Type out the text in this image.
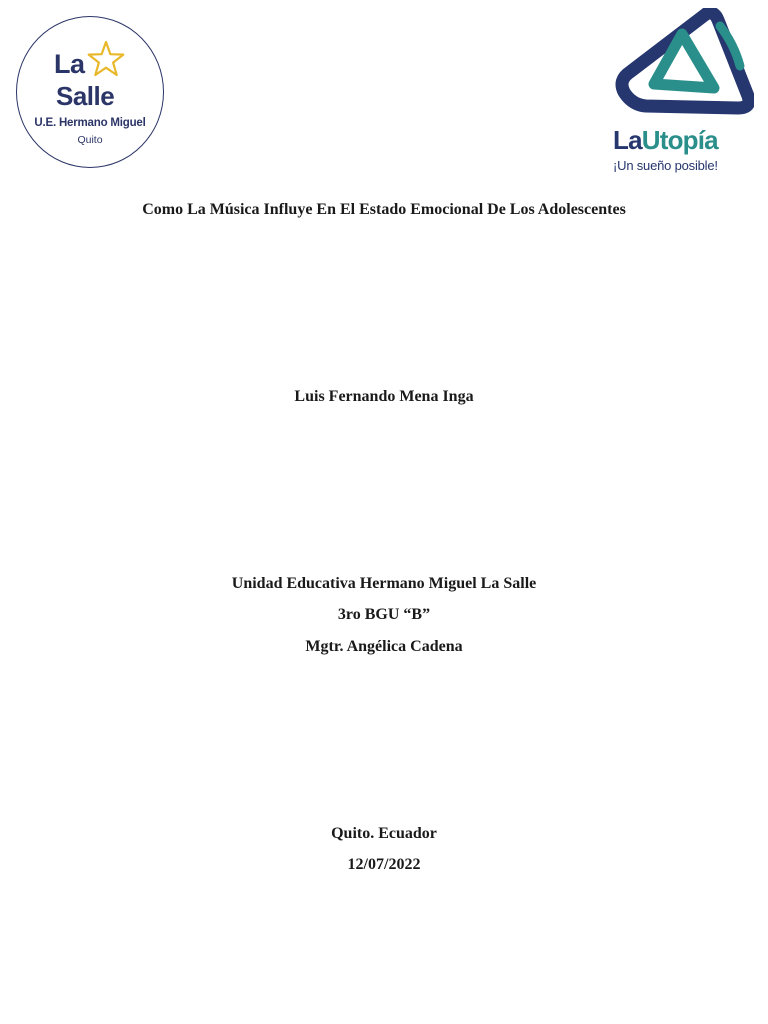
La
Salle
U.E. Hermano Miguel
Quito	LaUtopía
¡Un sueño posible!
Como La Música Influye En El Estado Emocional De Los Adolescentes
Luis Fernando Mena Inga
Unidad Educativa Hermano Miguel La Salle
3ro BGU “B”
Mgtr. Angélica Cadena
Quito. Ecuador
12/07/2022
